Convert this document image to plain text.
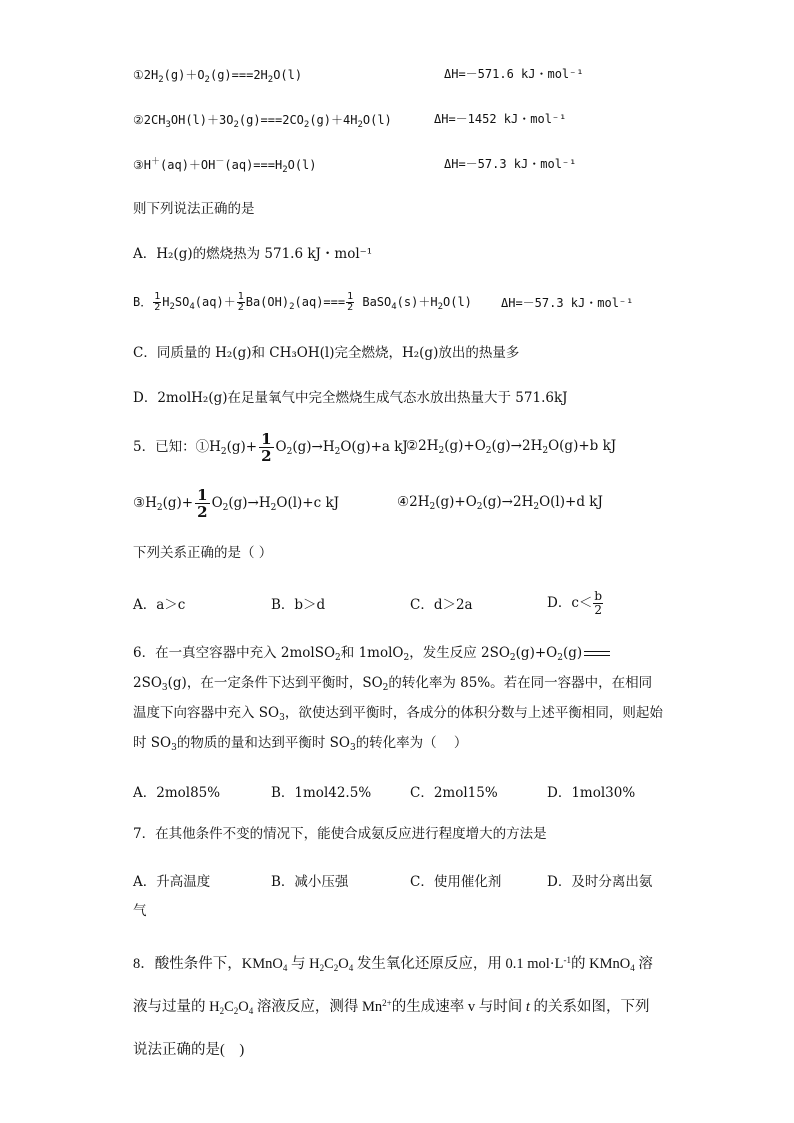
$①2H_2(g)+O_2(g)===2H_2O(l)$	ΔH=－571.6 kJ・mol⁻¹
$②2CH_3OH(l)+3O_2(g)===2CO_2(g)+4H_2O(l)$	ΔH=－1452 kJ・mol⁻¹
$③H^+(aq)+OH^-(aq)===H_2O(l)$	ΔH=－57.3 kJ・mol⁻¹
则下列说法正确的是
A．H₂(g)的燃烧热为 571.6 kJ・mol⁻¹
B． $\frac{1}{2} H_2SO_4(aq)+ \frac{1}{2} Ba(OH)_2(aq)=== \frac{1}{2}$ $BaSO_4(s)+H_2O(l)$ ΔH=－57.3 kJ・mol⁻¹
C．同质量的 H₂(g)和 CH₃OH(l)完全燃烧，H₂(g)放出的热量多
D．2molH₂(g)在足量氧气中完全燃烧生成气态水放出热量大于 571.6kJ
5．已知：$①H_2(g)+ \frac{1}{2} O_2(g)\to H_2O(g)+a$ kJ
$②2H_2(g)+O_2(g)\to 2H_2O(g)+b$ kJ
$③H_2(g)+ \frac{1}{2} O_2(g)\to H_2O(l)+c$ kJ	$④2H_2(g)+O_2(g)\to 2H_2O(l)+d$ kJ
下列关系正确的是（ ）
A．a＞c	B．b＞d	C．d＞2a	D．$c< \frac{b}{2}$
6．在一真空容器中充入 2molSO$_2$和 1molO$_2$，发生反应 $2SO_2(g)+O_2(g)2SO_3(g)$，在一定条件下达到平衡时，$SO_2$的转化率为 85%。若在同一容器中，在相同温度下向容器中充入 $SO_3$，欲使达到平衡时，各成分的体积分数与上述平衡相同，则起始时 $SO_3$的物质的量和达到平衡时 $SO_3$的转化率为（    ）
A．2mol85%	B．1mol42.5%	C．2mol15%	D．1mol30%
7．在其他条件不变的情况下，能使合成氨反应进行程度增大的方法是
A．升高温度	B．减小压强	C．使用催化剂	D．及时分离出氨
气
8．酸性条件下，KMnO$_4$ 与 $H_2C_2O_4$ 发生氧化还原反应，用 0.1 $mol\cdot L^{-1}$的 KMnO$_4$ 溶液与过量的 $H_2C_2O_4$ 溶液反应，测得 $Mn^{2+}$的生成速率 v 与时间 t 的关系如图，下列说法正确的是(    )
